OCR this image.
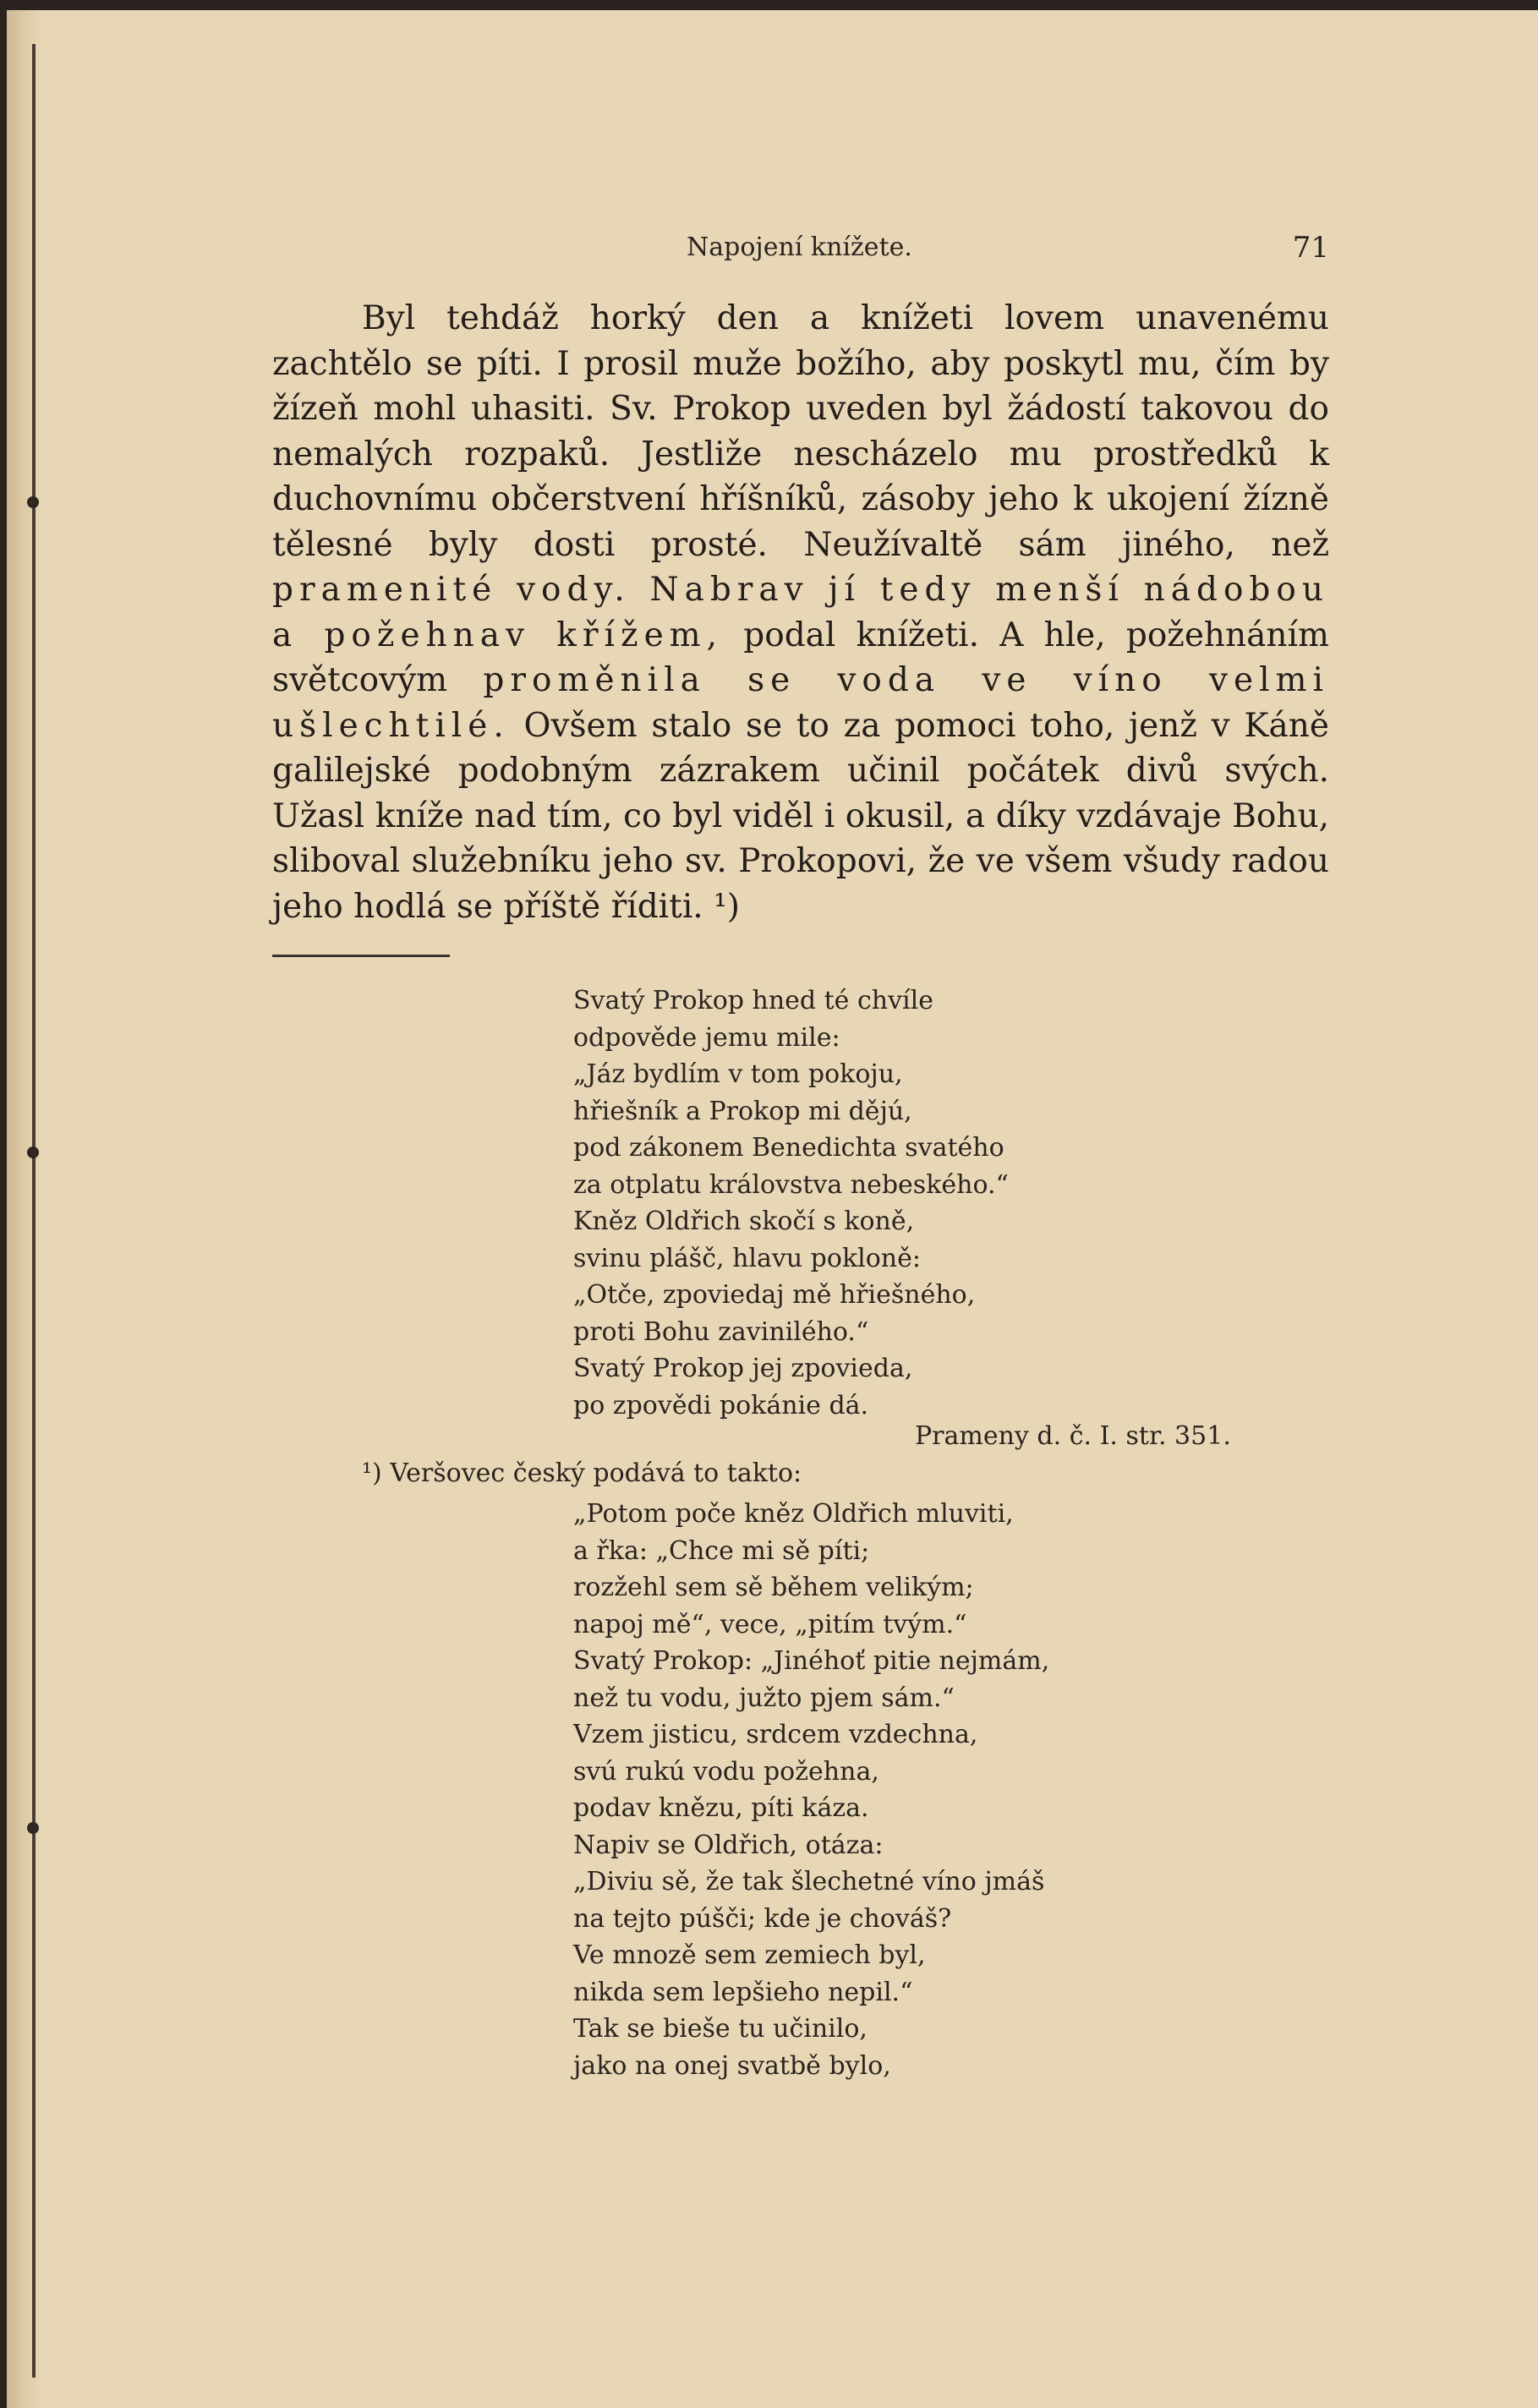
Napojení knížete.	71

Byl tehdáž horký den a knížeti lovem unavenému zachtělo se píti. I prosil muže božího, aby poskytl mu, čím by žízeň mohl uhasiti. Sv. Prokop uveden byl žádostí takovou do nemalých rozpaků. Jestliže nescházelo mu prostředků k duchovnímu občerstvení hříšníků, zásoby jeho k ukojení žízně tělesné byly dosti prosté. Neužívaltě sám jiného, než pramenité vody. Nabrav jí tedy menší nádobou a požehnav křížem, podal knížeti. A hle, požehnáním světcovým proměnila se voda ve víno velmi ušlechtilé. Ovšem stalo se to za pomoci toho, jenž v Káně galilejské podobným zázrakem učinil počátek divů svých. Užasl kníže nad tím, co byl viděl i okusil, a díky vzdávaje Bohu, sliboval služebníku jeho sv. Prokopovi, že ve všem všudy radou jeho hodlá se příště říditi. ¹)

Svatý Prokop hned té chvíle
odpověde jemu mile:
„Jáz bydlím v tom pokoju,
hřiešník a Prokop mi dějú,
pod zákonem Benedichta svatého
za otplatu královstva nebeského.“
Kněz Oldřich skočí s koně,
svinu plášč, hlavu pokloně:
„Otče, zpoviedaj mě hřiešného,
proti Bohu zavinilého.“
Svatý Prokop jej zpovieda,
po zpovědi pokánie dá.
Prameny d. č. I. str. 351.
¹) Veršovec český podává to takto:
„Potom poče kněz Oldřich mluviti,
a řka: „Chce mi sě píti;
rozžehl sem sě během velikým;
napoj mě“, vece, „pitím tvým.“
Svatý Prokop: „Jinéhoť pitie nejmám,
než tu vodu, južto pjem sám.“
Vzem jisticu, srdcem vzdechna,
svú rukú vodu požehna,
podav knězu, píti káza.
Napiv se Oldřich, otáza:
„Diviu sě, že tak šlechetné víno jmáš
na tejto púšči; kde je chováš?
Ve mnozě sem zemiech byl,
nikda sem lepšieho nepil.“
Tak se bieše tu učinilo,
jako na onej svatbě bylo,
